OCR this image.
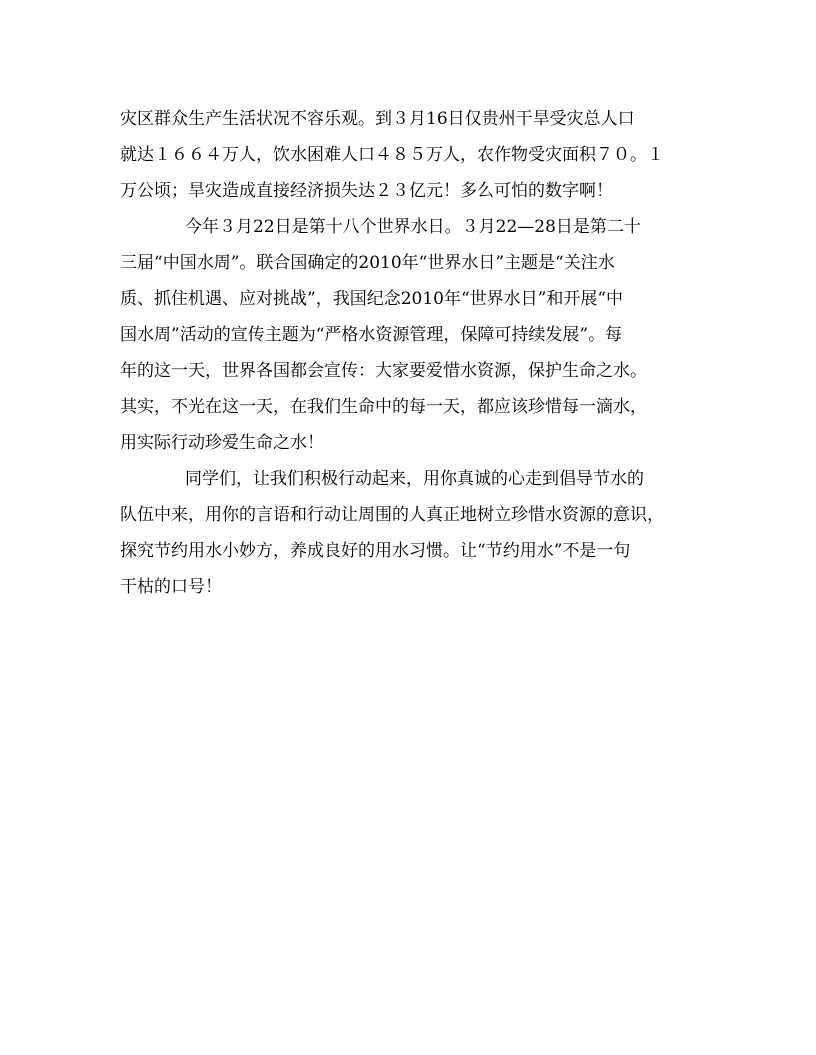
灾区群众生产生活状况不容乐观。到３月16日仅贵州干旱受灾总人口
就达１６６４万人，饮水困难人口４８５万人，农作物受灾面积７０。１
万公顷；旱灾造成直接经济损失达２３亿元！多么可怕的数字啊！
今年３月22日是第十八个世界水日。３月22—28日是第二十
三届“中国水周”。联合国确定的2010年“世界水日”主题是“关注水
质、抓住机遇、应对挑战”，我国纪念2010年“世界水日”和开展“中
国水周”活动的宣传主题为“严格水资源管理，保障可持续发展”。每
年的这一天，世界各国都会宣传：大家要爱惜水资源，保护生命之水。
其实，不光在这一天，在我们生命中的每一天，都应该珍惜每一滴水，
用实际行动珍爱生命之水！
同学们，让我们积极行动起来，用你真诚的心走到倡导节水的
队伍中来，用你的言语和行动让周围的人真正地树立珍惜水资源的意识，
探究节约用水小妙方，养成良好的用水习惯。让“节约用水”不是一句
干枯的口号！
